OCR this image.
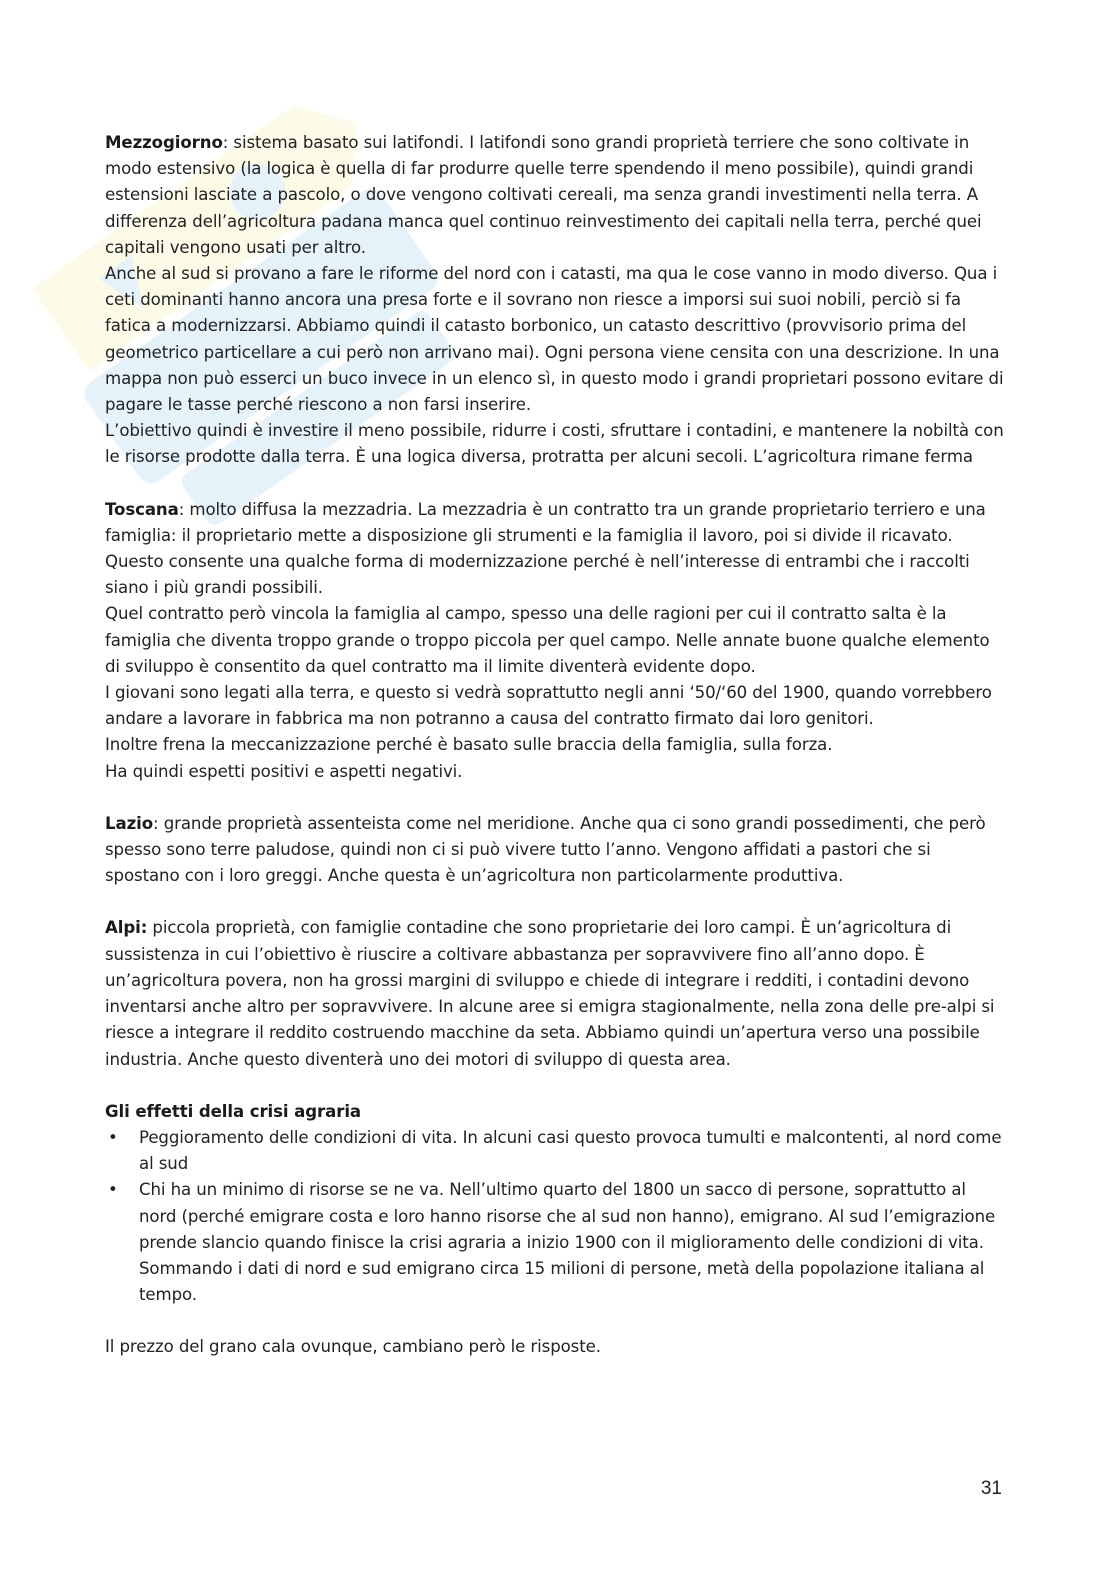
Mezzogiorno: sistema basato sui latifondi. I latifondi sono grandi proprietà terriere che sono coltivate in modo estensivo (la logica è quella di far produrre quelle terre spendendo il meno possibile), quindi grandi estensioni lasciate a pascolo, o dove vengono coltivati cereali, ma senza grandi investimenti nella terra. A differenza dell’agricoltura padana manca quel continuo reinvestimento dei capitali nella terra, perché quei capitali vengono usati per altro.

Anche al sud si provano a fare le riforme del nord con i catasti, ma qua le cose vanno in modo diverso. Qua i ceti dominanti hanno ancora una presa forte e il sovrano non riesce a imporsi sui suoi nobili, perciò si fa fatica a modernizzarsi. Abbiamo quindi il catasto borbonico, un catasto descrittivo (provvisorio prima del geometrico particellare a cui però non arrivano mai). Ogni persona viene censita con una descrizione. In una mappa non può esserci un buco invece in un elenco sì, in questo modo i grandi proprietari possono evitare di pagare le tasse perché riescono a non farsi inserire.

L’obiettivo quindi è investire il meno possibile, ridurre i costi, sfruttare i contadini, e mantenere la nobiltà con le risorse prodotte dalla terra. È una logica diversa, protratta per alcuni secoli. L’agricoltura rimane ferma

Toscana: molto diffusa la mezzadria. La mezzadria è un contratto tra un grande proprietario terriero e una famiglia: il proprietario mette a disposizione gli strumenti e la famiglia il lavoro, poi si divide il ricavato. Questo consente una qualche forma di modernizzazione perché è nell’interesse di entrambi che i raccolti siano i più grandi possibili.

Quel contratto però vincola la famiglia al campo, spesso una delle ragioni per cui il contratto salta è la famiglia che diventa troppo grande o troppo piccola per quel campo. Nelle annate buone qualche elemento di sviluppo è consentito da quel contratto ma il limite diventerà evidente dopo.

I giovani sono legati alla terra, e questo si vedrà soprattutto negli anni ‘50/‘60 del 1900, quando vorrebbero andare a lavorare in fabbrica ma non potranno a causa del contratto firmato dai loro genitori.

Inoltre frena la meccanizzazione perché è basato sulle braccia della famiglia, sulla forza.

Ha quindi espetti positivi e aspetti negativi.

Lazio: grande proprietà assenteista come nel meridione. Anche qua ci sono grandi possedimenti, che però spesso sono terre paludose, quindi non ci si può vivere tutto l’anno. Vengono affidati a pastori che si spostano con i loro greggi. Anche questa è un’agricoltura non particolarmente produttiva.

Alpi: piccola proprietà, con famiglie contadine che sono proprietarie dei loro campi. È un’agricoltura di sussistenza in cui l’obiettivo è riuscire a coltivare abbastanza per sopravvivere fino all’anno dopo. È un’agricoltura povera, non ha grossi margini di sviluppo e chiede di integrare i redditi, i contadini devono inventarsi anche altro per sopravvivere. In alcune aree si emigra stagionalmente, nella zona delle pre-alpi si riesce a integrare il reddito costruendo macchine da seta. Abbiamo quindi un’apertura verso una possibile industria. Anche questo diventerà uno dei motori di sviluppo di questa area.

Gli effetti della crisi agraria
• Peggioramento delle condizioni di vita. In alcuni casi questo provoca tumulti e malcontenti, al nord come al sud
• Chi ha un minimo di risorse se ne va. Nell’ultimo quarto del 1800 un sacco di persone, soprattutto al nord (perché emigrare costa e loro hanno risorse che al sud non hanno), emigrano. Al sud l’emigrazione prende slancio quando finisce la crisi agraria a inizio 1900 con il miglioramento delle condizioni di vita. Sommando i dati di nord e sud emigrano circa 15 milioni di persone, metà della popolazione italiana al tempo.

Il prezzo del grano cala ovunque, cambiano però le risposte.

31
